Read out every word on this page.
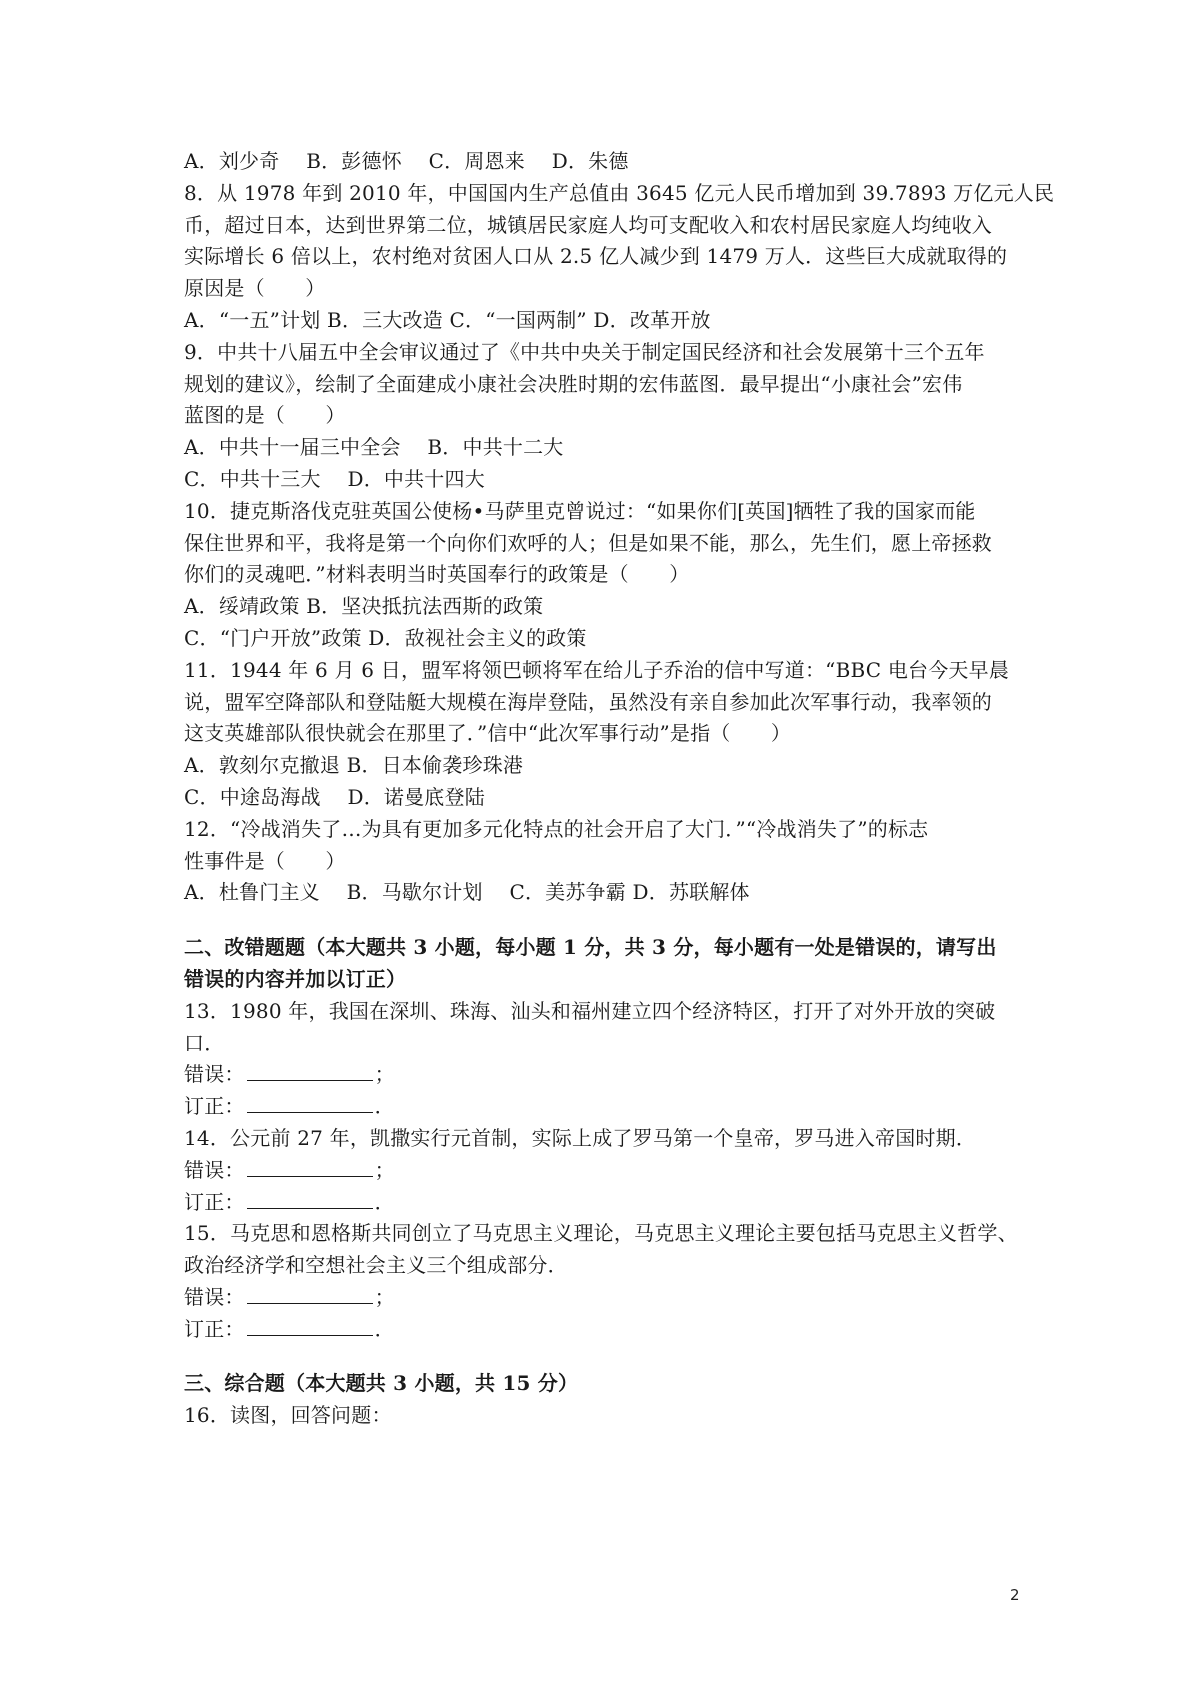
A．刘少奇　 B．彭德怀　 C．周恩来　 D．朱德
8．从 1978 年到 2010 年，中国国内生产总值由 3645 亿元人民币增加到 39.7893 万亿元人民
币，超过日本，达到世界第二位，城镇居民家庭人均可支配收入和农村居民家庭人均纯收入
实际增长 6 倍以上，农村绝对贫困人口从 2.5 亿人减少到 1479 万人．这些巨大成就取得的
原因是（　　）
A．“一五”计划 B．三大改造 C．“一国两制” D．改革开放
9．中共十八届五中全会审议通过了《中共中央关于制定国民经济和社会发展第十三个五年
规划的建议》，绘制了全面建成小康社会决胜时期的宏伟蓝图．最早提出“小康社会”宏伟
蓝图的是（　　）
A．中共十一届三中全会　 B．中共十二大
C．中共十三大　 D．中共十四大
10．捷克斯洛伐克驻英国公使杨•马萨里克曾说过：“如果你们[英国]牺牲了我的国家而能
保住世界和平，我将是第一个向你们欢呼的人；但是如果不能，那么，先生们，愿上帝拯救
你们的灵魂吧．”材料表明当时英国奉行的政策是（　　）
A．绥靖政策 B．坚决抵抗法西斯的政策
C．“门户开放”政策 D．敌视社会主义的政策
11．1944 年 6 月 6 日，盟军将领巴顿将军在给儿子乔治的信中写道：“BBC 电台今天早晨
说，盟军空降部队和登陆艇大规模在海岸登陆，虽然没有亲自参加此次军事行动，我率领的
这支英雄部队很快就会在那里了．”信中“此次军事行动”是指（　　）
A．敦刻尔克撤退 B．日本偷袭珍珠港
C．中途岛海战　 D．诺曼底登陆
12．“冷战消失了…为具有更加多元化特点的社会开启了大门．”“冷战消失了”的标志
性事件是（　　）
A．杜鲁门主义　 B．马歇尔计划　 C．美苏争霸 D．苏联解体
二、改错题题（本大题共 3 小题，每小题 1 分，共 3 分，每小题有一处是错误的，请写出
错误的内容并加以订正）
13．1980 年，我国在深圳、珠海、汕头和福州建立四个经济特区，打开了对外开放的突破
口．
错误：	；
订正：	．
14．公元前 27 年，凯撒实行元首制，实际上成了罗马第一个皇帝，罗马进入帝国时期．
错误：	；
订正：	．
15．马克思和恩格斯共同创立了马克思主义理论，马克思主义理论主要包括马克思主义哲学、
政治经济学和空想社会主义三个组成部分．
错误：	；
订正：	．
三、综合题（本大题共 3 小题，共 15 分）
16．读图，回答问题：
2
